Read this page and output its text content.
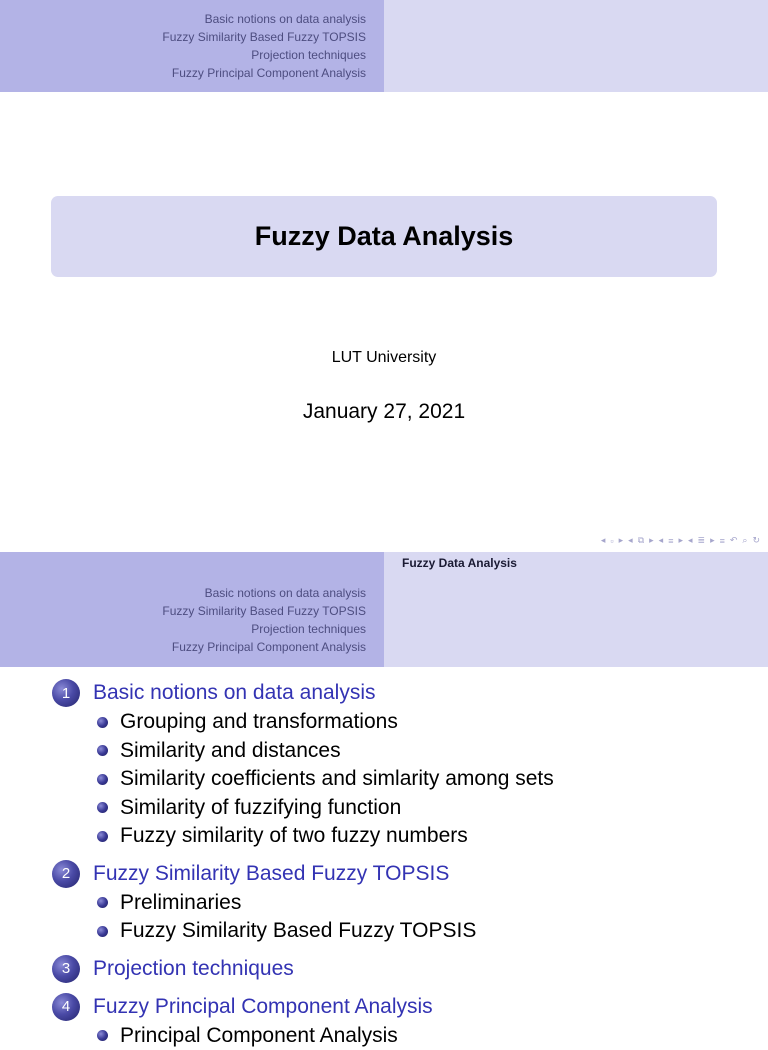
Basic notions on data analysis
Fuzzy Similarity Based Fuzzy TOPSIS
Projection techniques
Fuzzy Principal Component Analysis
Fuzzy Data Analysis
LUT University
January 27, 2021
◂ ▫ ▸ ◂ ⧉ ▸ ◂ ≡ ▸ ◂ ≣ ▸ ≡ ↶ ⌕ ↻
Basic notions on data analysis
Fuzzy Similarity Based Fuzzy TOPSIS
Projection techniques
Fuzzy Principal Component Analysis
Fuzzy Data Analysis
1	Basic notions on data analysis
Grouping and transformations
Similarity and distances
Similarity coefficients and simlarity among sets
Similarity of fuzzifying function
Fuzzy similarity of two fuzzy numbers
2	Fuzzy Similarity Based Fuzzy TOPSIS
Preliminaries
Fuzzy Similarity Based Fuzzy TOPSIS
3	Projection techniques
4	Fuzzy Principal Component Analysis
Principal Component Analysis
